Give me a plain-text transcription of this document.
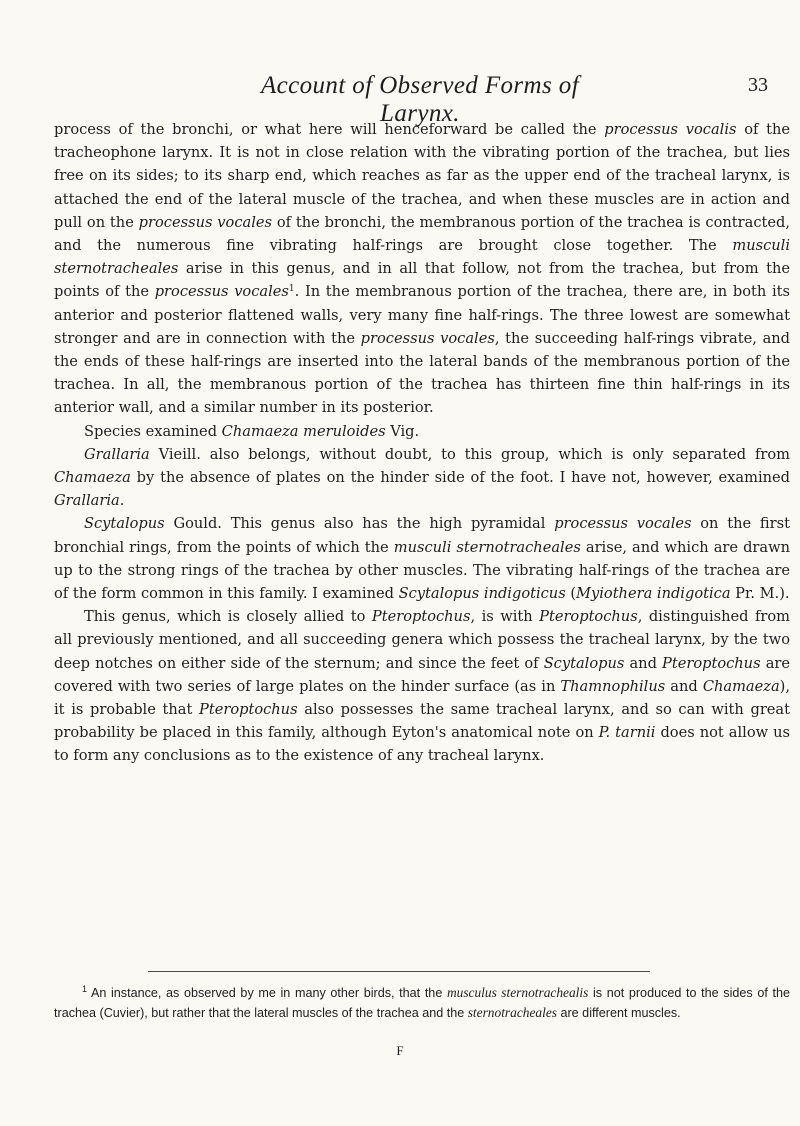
Account of Observed Forms of Larynx.
33

process of the bronchi, or what here will henceforward be called the processus vocalis of the tracheophone larynx. It is not in close relation with the vibrating portion of the trachea, but lies free on its sides; to its sharp end, which reaches as far as the upper end of the tracheal larynx, is attached the end of the lateral muscle of the trachea, and when these muscles are in action and pull on the processus vocales of the bronchi, the membranous portion of the trachea is contracted, and the numerous fine vibrating half-rings are brought close together. The musculi sternotracheales arise in this genus, and in all that follow, not from the trachea, but from the points of the processus vocales$^1$. In the membranous portion of the trachea, there are, in both its anterior and posterior flattened walls, very many fine half-rings. The three lowest are somewhat stronger and are in connection with the processus vocales, the succeeding half-rings vibrate, and the ends of these half-rings are inserted into the lateral bands of the membranous portion of the trachea. In all, the membranous portion of the trachea has thirteen fine thin half-rings in its anterior wall, and a similar number in its posterior.

Species examined Chamaeza meruloides Vig.

Grallaria Vieill. also belongs, without doubt, to this group, which is only separated from Chamaeza by the absence of plates on the hinder side of the foot. I have not, however, examined Grallaria.

Scytalopus Gould. This genus also has the high pyramidal processus vocales on the first bronchial rings, from the points of which the musculi sternotracheales arise, and which are drawn up to the strong rings of the trachea by other muscles. The vibrating half-rings of the trachea are of the form common in this family. I examined Scytalopus indigoticus (Myiothera indigotica Pr. M.).

This genus, which is closely allied to Pteroptochus, is with Pteroptochus, distinguished from all previously mentioned, and all succeeding genera which possess the tracheal larynx, by the two deep notches on either side of the sternum; and since the feet of Scytalopus and Pteroptochus are covered with two series of large plates on the hinder surface (as in Thamnophilus and Chamaeza), it is probable that Pteroptochus also possesses the same tracheal larynx, and so can with great probability be placed in this family, although Eyton's anatomical note on P. tarnii does not allow us to form any conclusions as to the existence of any tracheal larynx.

$^1$ An instance, as observed by me in many other birds, that the musculus sternotrachealis is not produced to the sides of the trachea (Cuvier), but rather that the lateral muscles of the trachea and the sternotracheales are different muscles.
F
